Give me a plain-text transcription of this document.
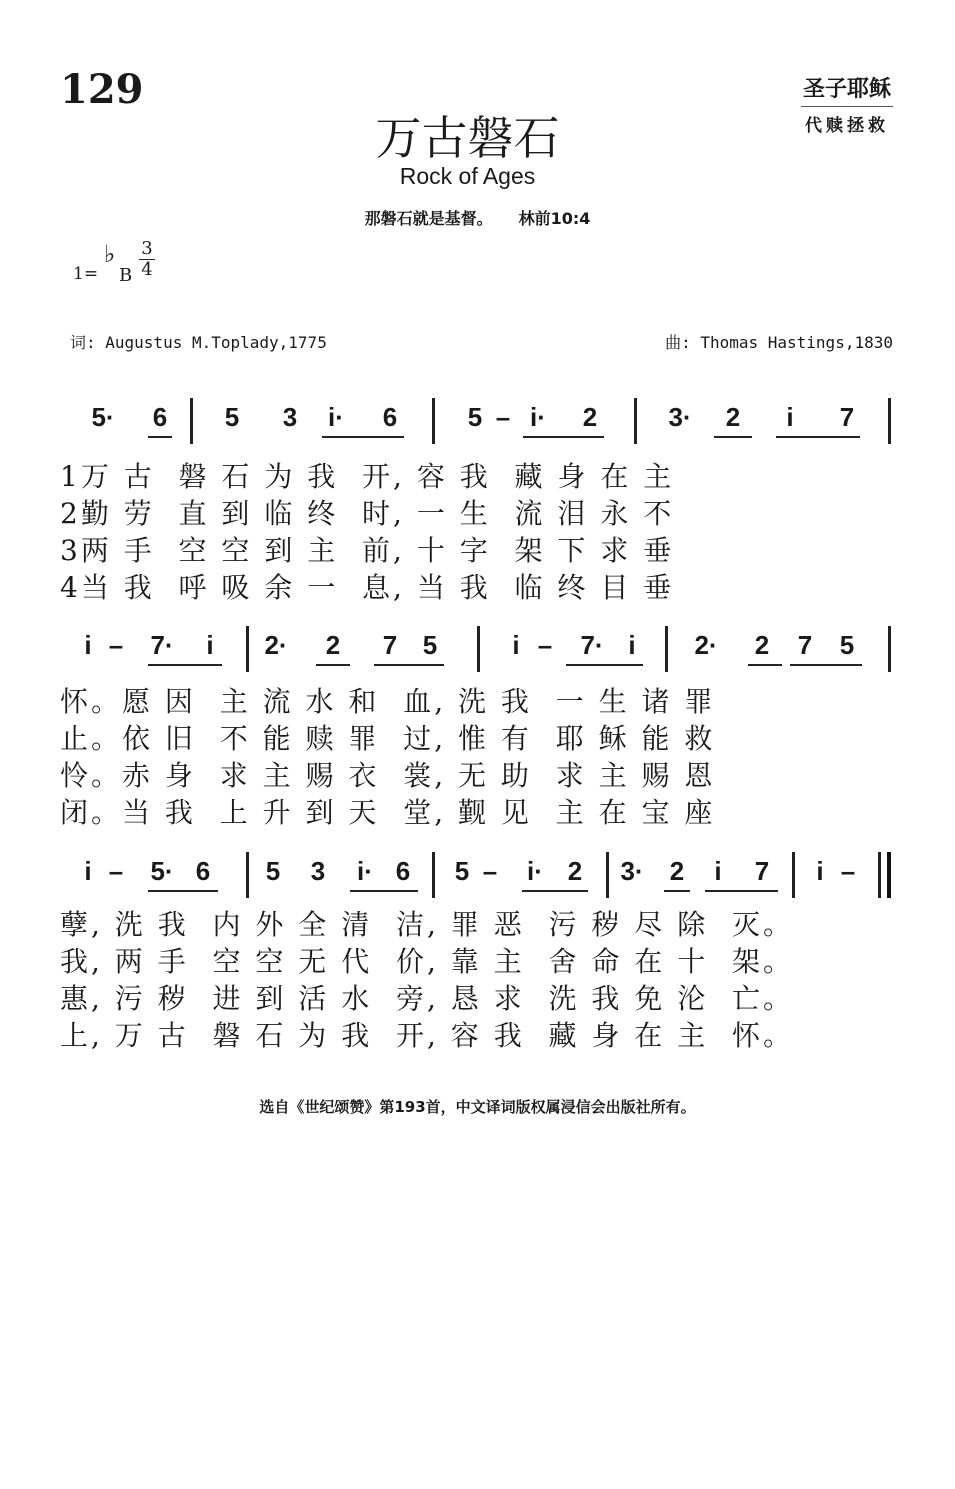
129	圣子耶稣
代赎拯救
万古磐石
Rock of Ages
那磐石就是基督。 林前10:4
1=
♭
B $\frac{3}{4}$
词: Augustus M.Toplady,1775	曲: Thomas Hastings,1830
5· 6 5 3 i· 6	5 – i· 2	3· 2	i	7
1万 古  磐 石 为 我  开, 容 我  藏 身 在 主
2勤 劳  直 到 临 终  时, 一 生  流 泪 永 不
3两 手  空 空 到 主  前, 十 字  架 下 求 垂
4当 我  呼 吸 余 一  息, 当 我  临 终 目 垂
i – 7·	i	2· 2 7 5	i – 7· i	2· 2 7 5
怀。愿 因  主 流 水 和  血, 洗 我  一 生 诸 罪
止。依 旧  不 能 赎 罪  过, 惟 有  耶 稣 能 救
怜。赤 身  求 主 赐 衣  裳, 无 助  求 主 赐 恩
闭。当 我  上 升 到 天  堂, 觐 见  主 在 宝 座
i – 5· 6 5 3 i· 6 5 – i· 2 3· 2	i	7	i –
孽, 洗 我  内 外 全 清  洁, 罪 恶  污 秽 尽 除  灭。
我, 两 手  空 空 无 代  价, 靠 主  舍 命 在 十  架。
惠, 污 秽  进 到 活 水  旁, 恳 求  洗 我 免 沦  亡。
上, 万 古  磐 石 为 我  开, 容 我  藏 身 在 主  怀。
选自《世纪颂赞》第193首，中文译词版权属浸信会出版社所有。
